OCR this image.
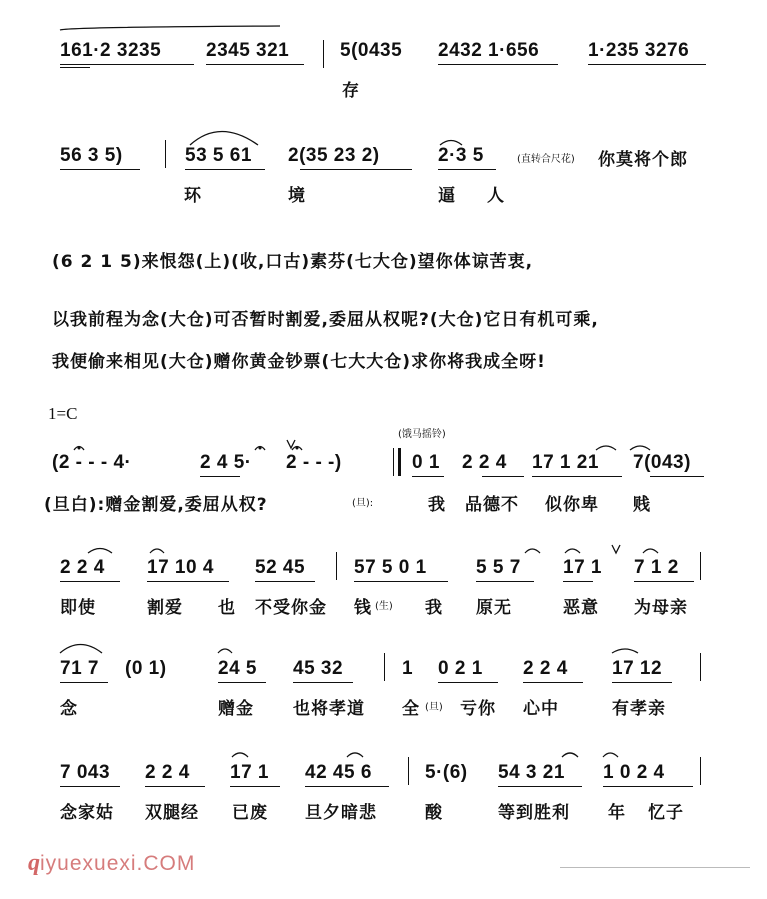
161·2 3235 2345 321	5(0435 2432 1·656	1·235 3276
存
56 3 5)	53 5 61 2(35 23 2)	2·3 5	(直转合尺花)
环	境	逼 人
你莫将个郎
(6 2 1 5)来恨怨(上)(收,口古)素芬(七大仓)望你体谅苦衷,
以我前程为念(大仓)可否暂时割爱,委屈从权呢?(大仓)它日有机可乘,
我便偷来相见(大仓)赠你黄金钞票(七大大仓)求你将我成全呀!
1=C
(饿马摇铃)
(2 - - - 4·	2 4 5· 2 - - -)	0 1 2 2 4 17 1 21 7(043)
(旦白):赠金割爱,委屈从权?	(旦):	我 品德不 似你卑 贱
2 2 4 17 10 4 52 45	57 5 0 1	5 5 7 17 1 7 1 2
即使	割爱 也 不受你金 钱 (生) 我 原无	恶意 为母亲
71 7 (0 1)	24 5 45 32	1 0 2 1 2 2 4 17 12
念	赠金 也将孝道 全 (旦) 亏你 心中	有孝亲
7 043 2 2 4 17 1 42 45 6	5·(6) 54 3 21 1 0 2 4
念家姑 双腿经 已废 旦夕暗悲	酸	等到胜利 年 忆子
qiyuexuexi.COM
